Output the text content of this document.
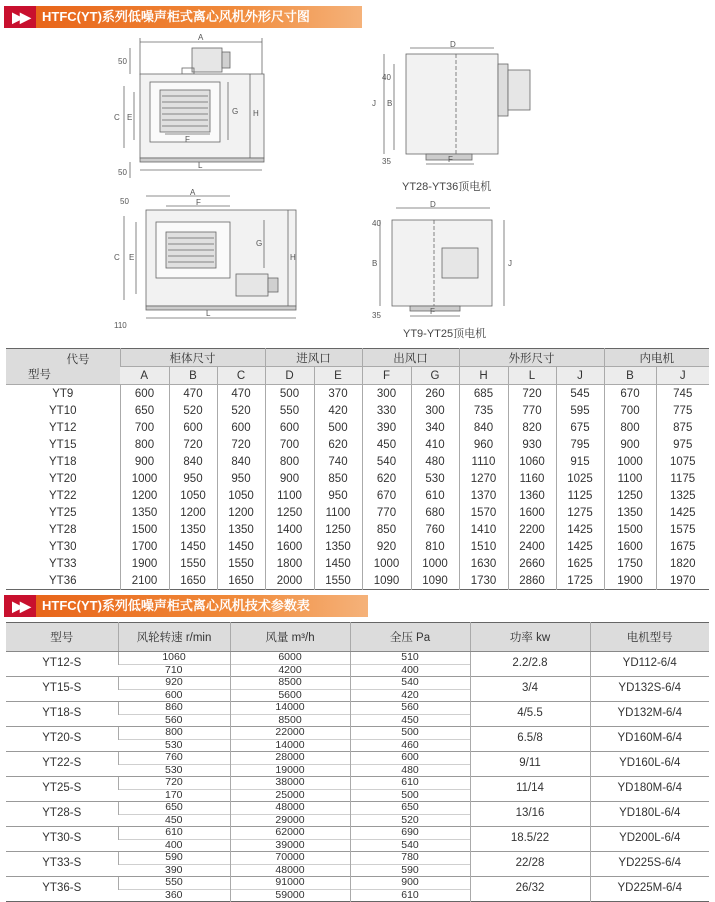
▶▶	HTFC(YT)系列低噪声柜式离心风机外形尺寸图
A
F
L
C E
G H
50
50
D
F
J B
40
35
YT28-YT36顶电机
A
F
L
C E
G
H
50
110
D
F
J
B
40
35
YT9-YT25顶电机
代号
型号	柜体尺寸			进风口		出风口		外形尺寸			内电机	
	A	B	C	D	E	F	G	H	L	J	B	J
YT9	600	470	470	500	370	300	260	685	720	545	670	745
YT10	650	520	520	550	420	330	300	735	770	595	700	775
YT12	700	600	600	600	500	390	340	840	820	675	800	875
YT15	800	720	720	700	620	450	410	960	930	795	900	975
YT18	900	840	840	800	740	540	480	1110	1060	915	1000	1075
YT20	1000	950	950	900	850	620	530	1270	1160	1025	1100	1175
YT22	1200	1050	1050	1100	950	670	610	1370	1360	1125	1250	1325
YT25	1350	1200	1200	1250	1100	770	680	1570	1600	1275	1350	1425
YT28	1500	1350	1350	1400	1250	850	760	1410	2200	1425	1500	1575
YT30	1700	1450	1450	1600	1350	920	810	1510	2400	1425	1600	1675
YT33	1900	1550	1550	1800	1450	1000	1000	1630	2660	1625	1750	1820
YT36	2100	1650	1650	2000	1550	1090	1090	1730	2860	1725	1900	1970
▶▶	HTFC(YT)系列低噪声柜式离心风机技术参数表
型号	风轮转速 r/min	风量 m³/h	全压 Pa	功率 kw	电机型号
YT12-S	1060	6000	510	2.2/2.8	YD112-6/4
	710	4200	400		
YT15-S	920	8500	540	3/4	YD132S-6/4
	600	5600	420		
YT18-S	860	14000	560	4/5.5	YD132M-6/4
	560	8500	450		
YT20-S	800	22000	500	6.5/8	YD160M-6/4
	530	14000	460		
YT22-S	760	28000	600	9/11	YD160L-6/4
	530	19000	480		
YT25-S	720	38000	610	11/14	YD180M-6/4
	170	25000	500		
YT28-S	650	48000	650	13/16	YD180L-6/4
	450	29000	520		
YT30-S	610	62000	690	18.5/22	YD200L-6/4
	400	39000	540		
YT33-S	590	70000	780	22/28	YD225S-6/4
	390	48000	590		
YT36-S	550	91000	900	26/32	YD225M-6/4
	360	59000	610		
